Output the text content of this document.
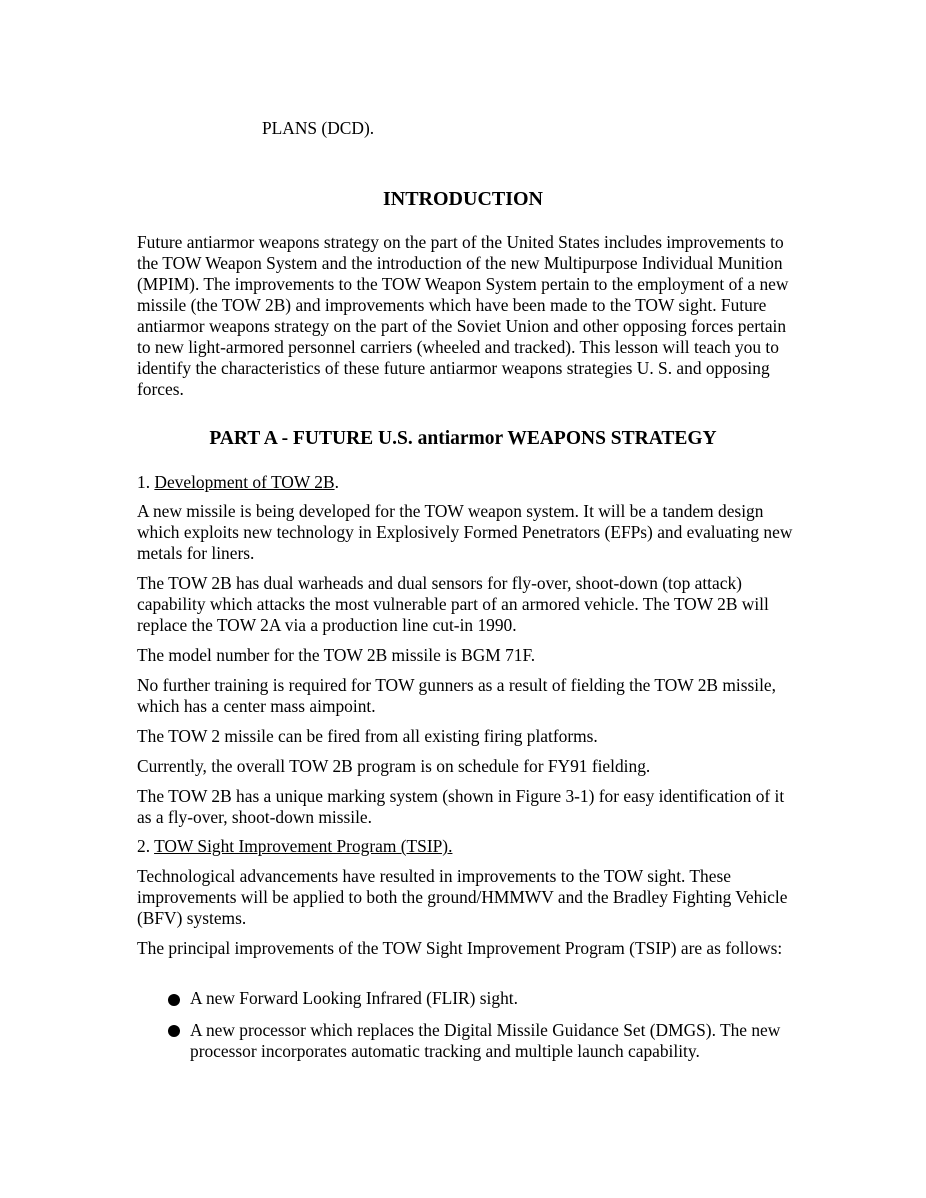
PLANS (DCD).

INTRODUCTION

Future antiarmor weapons strategy on the part of the United States includes improvements to the TOW Weapon System and the introduction of the new Multipurpose Individual Munition (MPIM). The improvements to the TOW Weapon System pertain to the employment of a new missile (the TOW 2B) and improvements which have been made to the TOW sight. Future antiarmor weapons strategy on the part of the Soviet Union and other opposing forces pertain to new light-armored personnel carriers (wheeled and tracked). This lesson will teach you to identify the characteristics of these future antiarmor weapons strategies U. S. and opposing forces.

PART A - FUTURE U.S. antiarmor WEAPONS STRATEGY

1. Development of TOW 2B.

A new missile is being developed for the TOW weapon system. It will be a tandem design which exploits new technology in Explosively Formed Penetrators (EFPs) and evaluating new metals for liners.

The TOW 2B has dual warheads and dual sensors for fly-over, shoot-down (top attack) capability which attacks the most vulnerable part of an armored vehicle. The TOW 2B will replace the TOW 2A via a production line cut-in 1990.

The model number for the TOW 2B missile is BGM 71F.

No further training is required for TOW gunners as a result of fielding the TOW 2B missile, which has a center mass aimpoint.

The TOW 2 missile can be fired from all existing firing platforms.

Currently, the overall TOW 2B program is on schedule for FY91 fielding.

The TOW 2B has a unique marking system (shown in Figure 3-1) for easy identification of it as a fly-over, shoot-down missile.

2. TOW Sight Improvement Program (TSIP).

Technological advancements have resulted in improvements to the TOW sight. These improvements will be applied to both the ground/HMMWV and the Bradley Fighting Vehicle (BFV) systems.

The principal improvements of the TOW Sight Improvement Program (TSIP) are as follows:

A new Forward Looking Infrared (FLIR) sight.

A new processor which replaces the Digital Missile Guidance Set (DMGS). The new processor incorporates automatic tracking and multiple launch capability.
